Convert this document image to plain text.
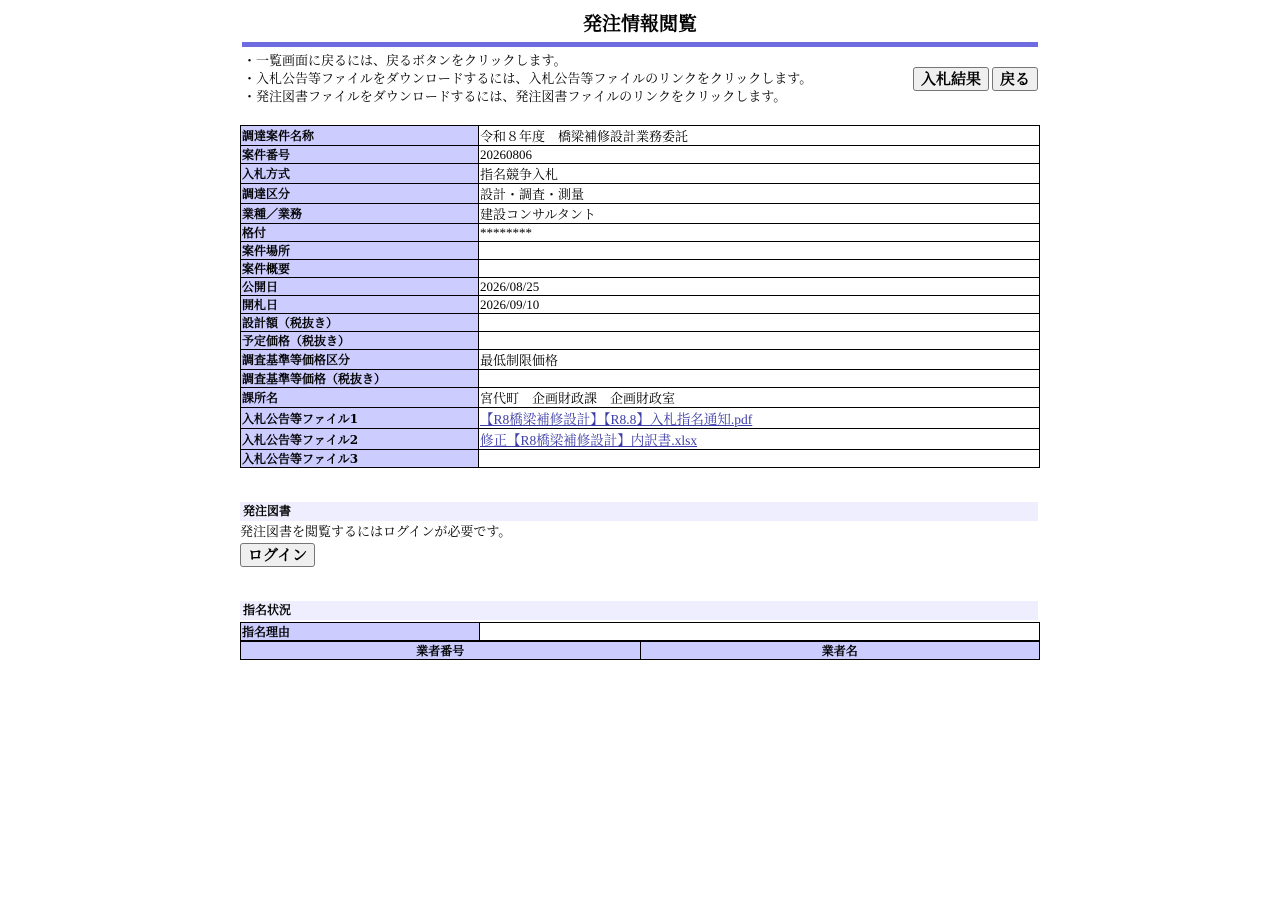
発注情報閲覧
・一覧画面に戻るには、戻るボタンをクリックします。
・入札公告等ファイルをダウンロードするには、入札公告等ファイルのリンクをクリックします。
・発注図書ファイルをダウンロードするには、発注図書ファイルのリンクをクリックします。
入札結果	戻る
調達案件名称	令和８年度　橋梁補修設計業務委託
案件番号	20260806
入札方式	指名競争入札
調達区分	設計・調査・測量
業種／業務	建設コンサルタント
格付	********
案件場所	
案件概要	
公開日	2026/08/25
開札日	2026/09/10
設計額（税抜き）	
予定価格（税抜き）	
調査基準等価格区分	最低制限価格
調査基準等価格（税抜き）	
課所名	宮代町　企画財政課　企画財政室
入札公告等ファイル1	【R8橋梁補修設計】【R8.8】入札指名通知.pdf
入札公告等ファイル2	修正【R8橋梁補修設計】内訳書.xlsx
入札公告等ファイル3	
発注図書
発注図書を閲覧するにはログインが必要です。
ログイン
指名状況
指名理由	
業者番号	業者名
